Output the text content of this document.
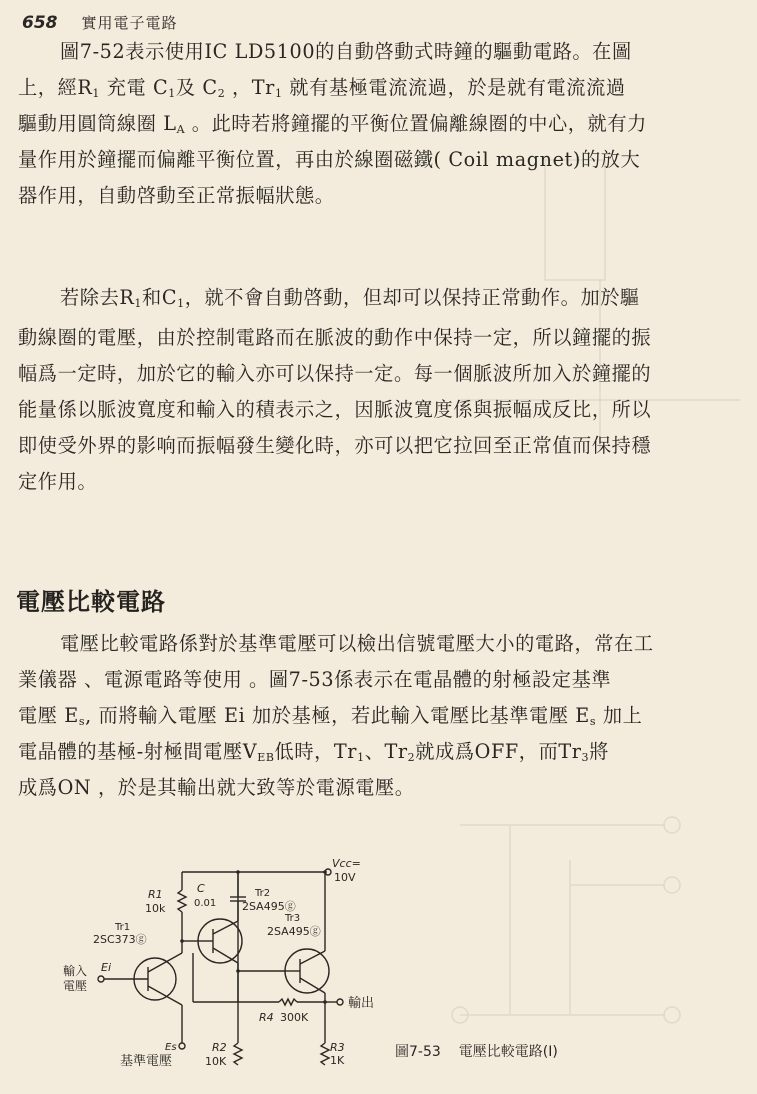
658 實用電子電路
圖7-52表示使用IC LD5100的自動啓動式時鐘的驅動電路。在圖
上，經$R_1$ 充電 $C_1$及 $C_2$ ，$Tr_1$ 就有基極電流流過，於是就有電流流過
驅動用圓筒線圈 $L_A$ 。此時若將鐘擺的平衡位置偏離線圈的中心，就有力
量作用於鐘擺而偏離平衡位置，再由於線圈磁鐵( Coil magnet)的放大
器作用，自動啓動至正常振幅狀態。
若除去$R_1$和$C_1$，就不會自動啓動，但却可以保持正常動作。加於驅
動線圈的電壓，由於控制電路而在脈波的動作中保持一定，所以鐘擺的振
幅爲一定時，加於它的輸入亦可以保持一定。每一個脈波所加入於鐘擺的
能量係以脈波寬度和輸入的積表示之，因脈波寬度係與振幅成反比，所以
即使受外界的影响而振幅發生變化時，亦可以把它拉回至正常值而保持穩
定作用。
電壓比較電路
電壓比較電路係對於基準電壓可以檢出信號電壓大小的電路，常在工
業儀器 、電源電路等使用 。圖7-53係表示在電晶體的射極設定基準
電壓 $E_s$, 而將輸入電壓 Ei 加於基極，若此輸入電壓比基準電壓 $E_s$ 加上
電晶體的基極-射極間電壓$V_{EB}$低時，$Tr_1$、$Tr_2$就成爲OFF，而$Tr_3$將
成爲ON ，於是其輸出就大致等於電源電壓。
Vcc=
10V
R1
10k
C
0.01
Tr1
2SC373ⓖ
Tr2
2SA495ⓖ
Tr3
2SA495ⓖ
輸入
電壓
Ei
Es
基準電壓
R2
10K
R4 300K
R3
1K
輸出
圖7-53 電壓比較電路(I)
